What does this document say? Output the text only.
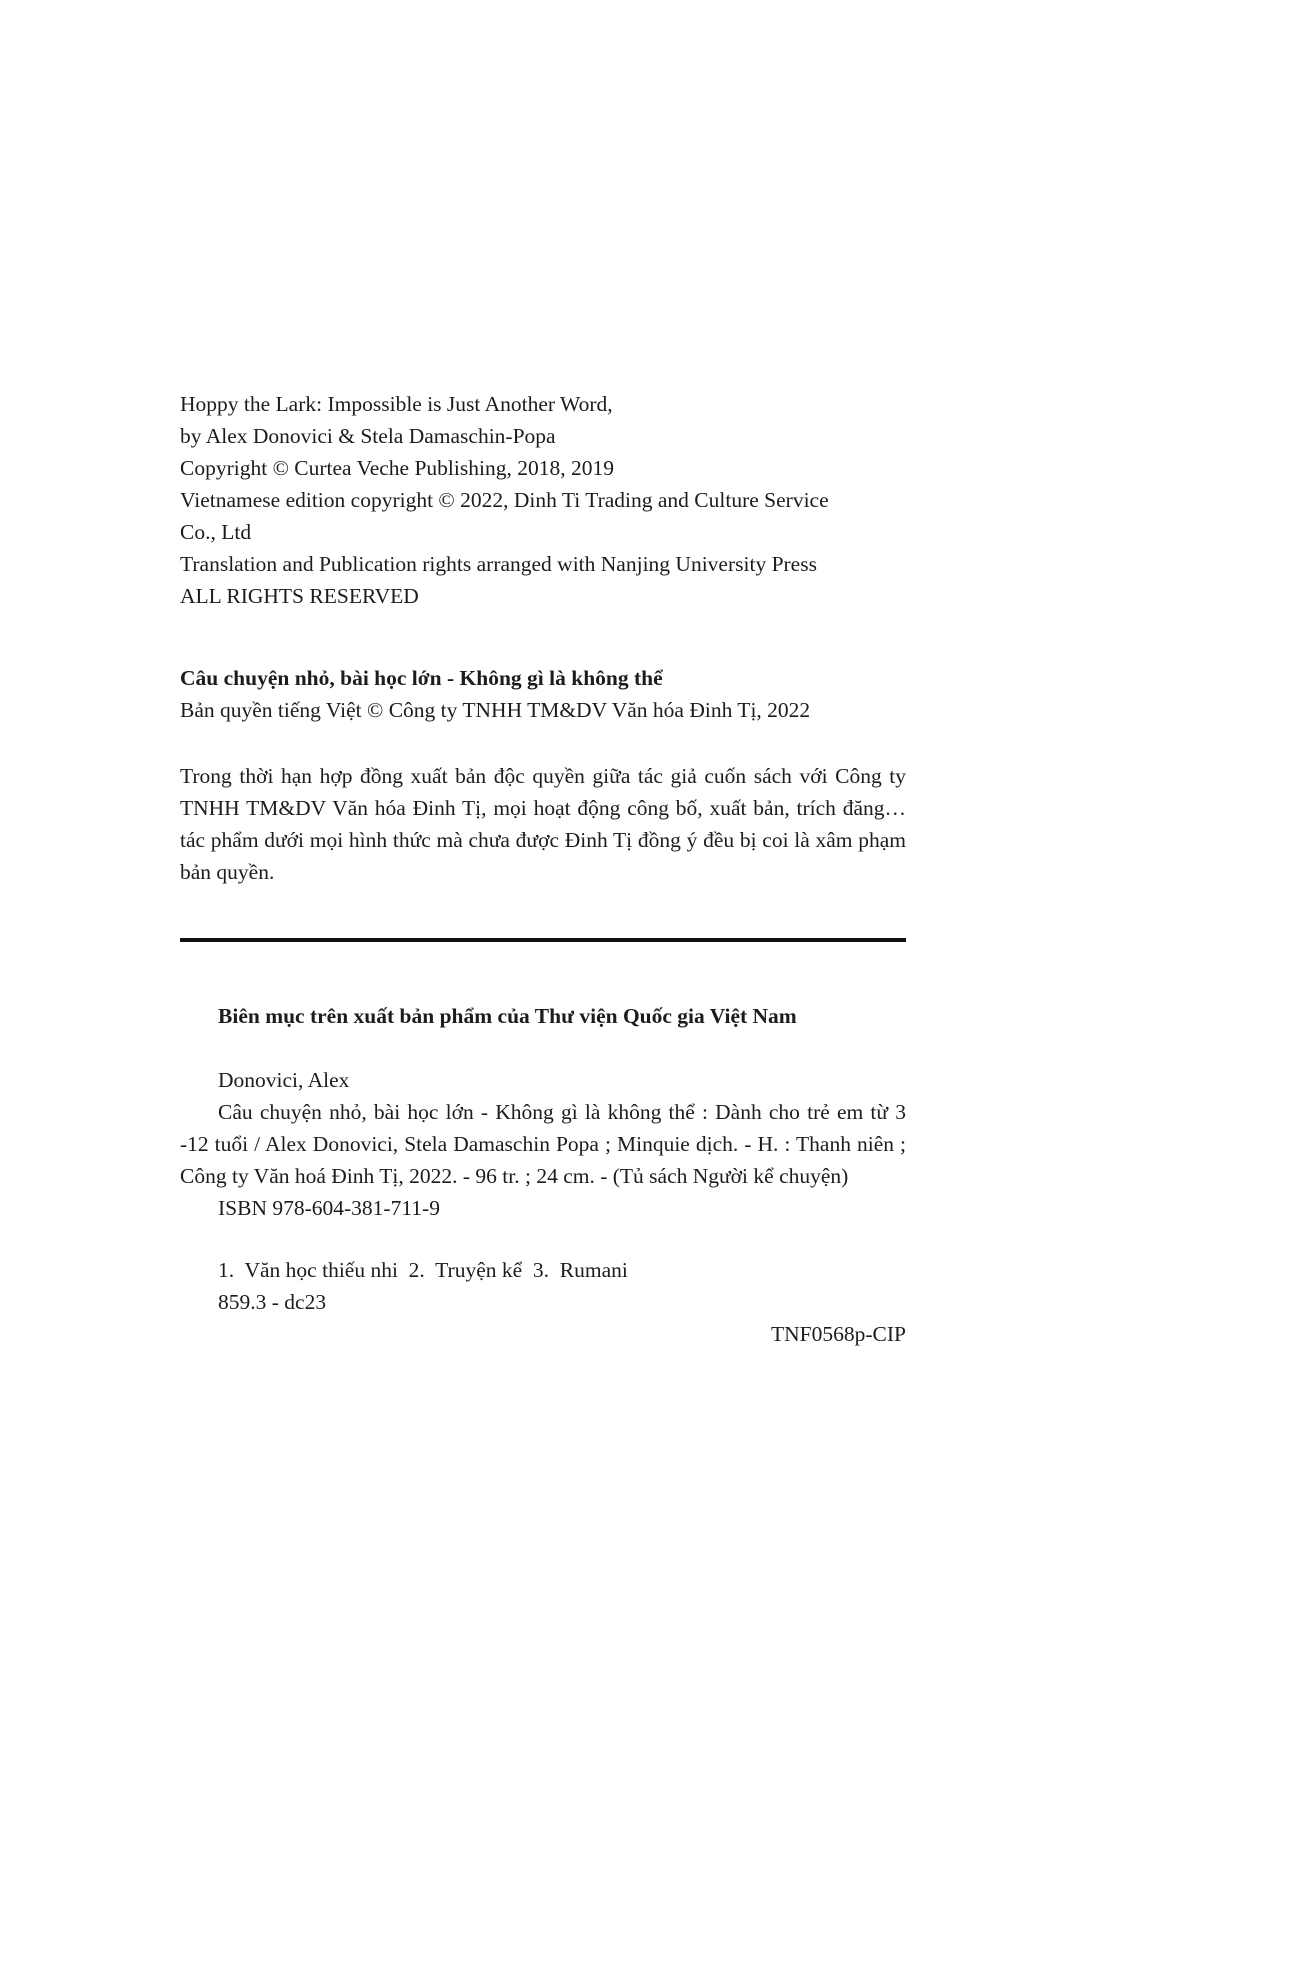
Hoppy the Lark: Impossible is Just Another Word,
by Alex Donovici & Stela Damaschin-Popa
Copyright © Curtea Veche Publishing, 2018, 2019
Vietnamese edition copyright © 2022, Dinh Ti Trading and Culture Service
Co., Ltd
Translation and Publication rights arranged with Nanjing University Press
ALL RIGHTS RESERVED
Câu chuyện nhỏ, bài học lớn - Không gì là không thể
Bản quyền tiếng Việt © Công ty TNHH TM&DV Văn hóa Đinh Tị, 2022
Trong thời hạn hợp đồng xuất bản độc quyền giữa tác giả cuốn sách với Công ty TNHH TM&DV Văn hóa Đinh Tị, mọi hoạt động công bố, xuất bản, trích đăng… tác phẩm dưới mọi hình thức mà chưa được Đinh Tị đồng ý đều bị coi là xâm phạm bản quyền.
Biên mục trên xuất bản phẩm của Thư viện Quốc gia Việt Nam
Donovici, Alex
Câu chuyện nhỏ, bài học lớn - Không gì là không thể : Dành cho trẻ em từ 3 -12 tuổi / Alex Donovici, Stela Damaschin Popa ; Minquie dịch. - H. : Thanh niên ; Công ty Văn hoá Đinh Tị, 2022. - 96 tr. ; 24 cm. - (Tủ sách Người kể chuyện)
ISBN 978-604-381-711-9
1.  Văn học thiếu nhi  2.  Truyện kể  3.  Rumani
859.3 - dc23
TNF0568p-CIP
